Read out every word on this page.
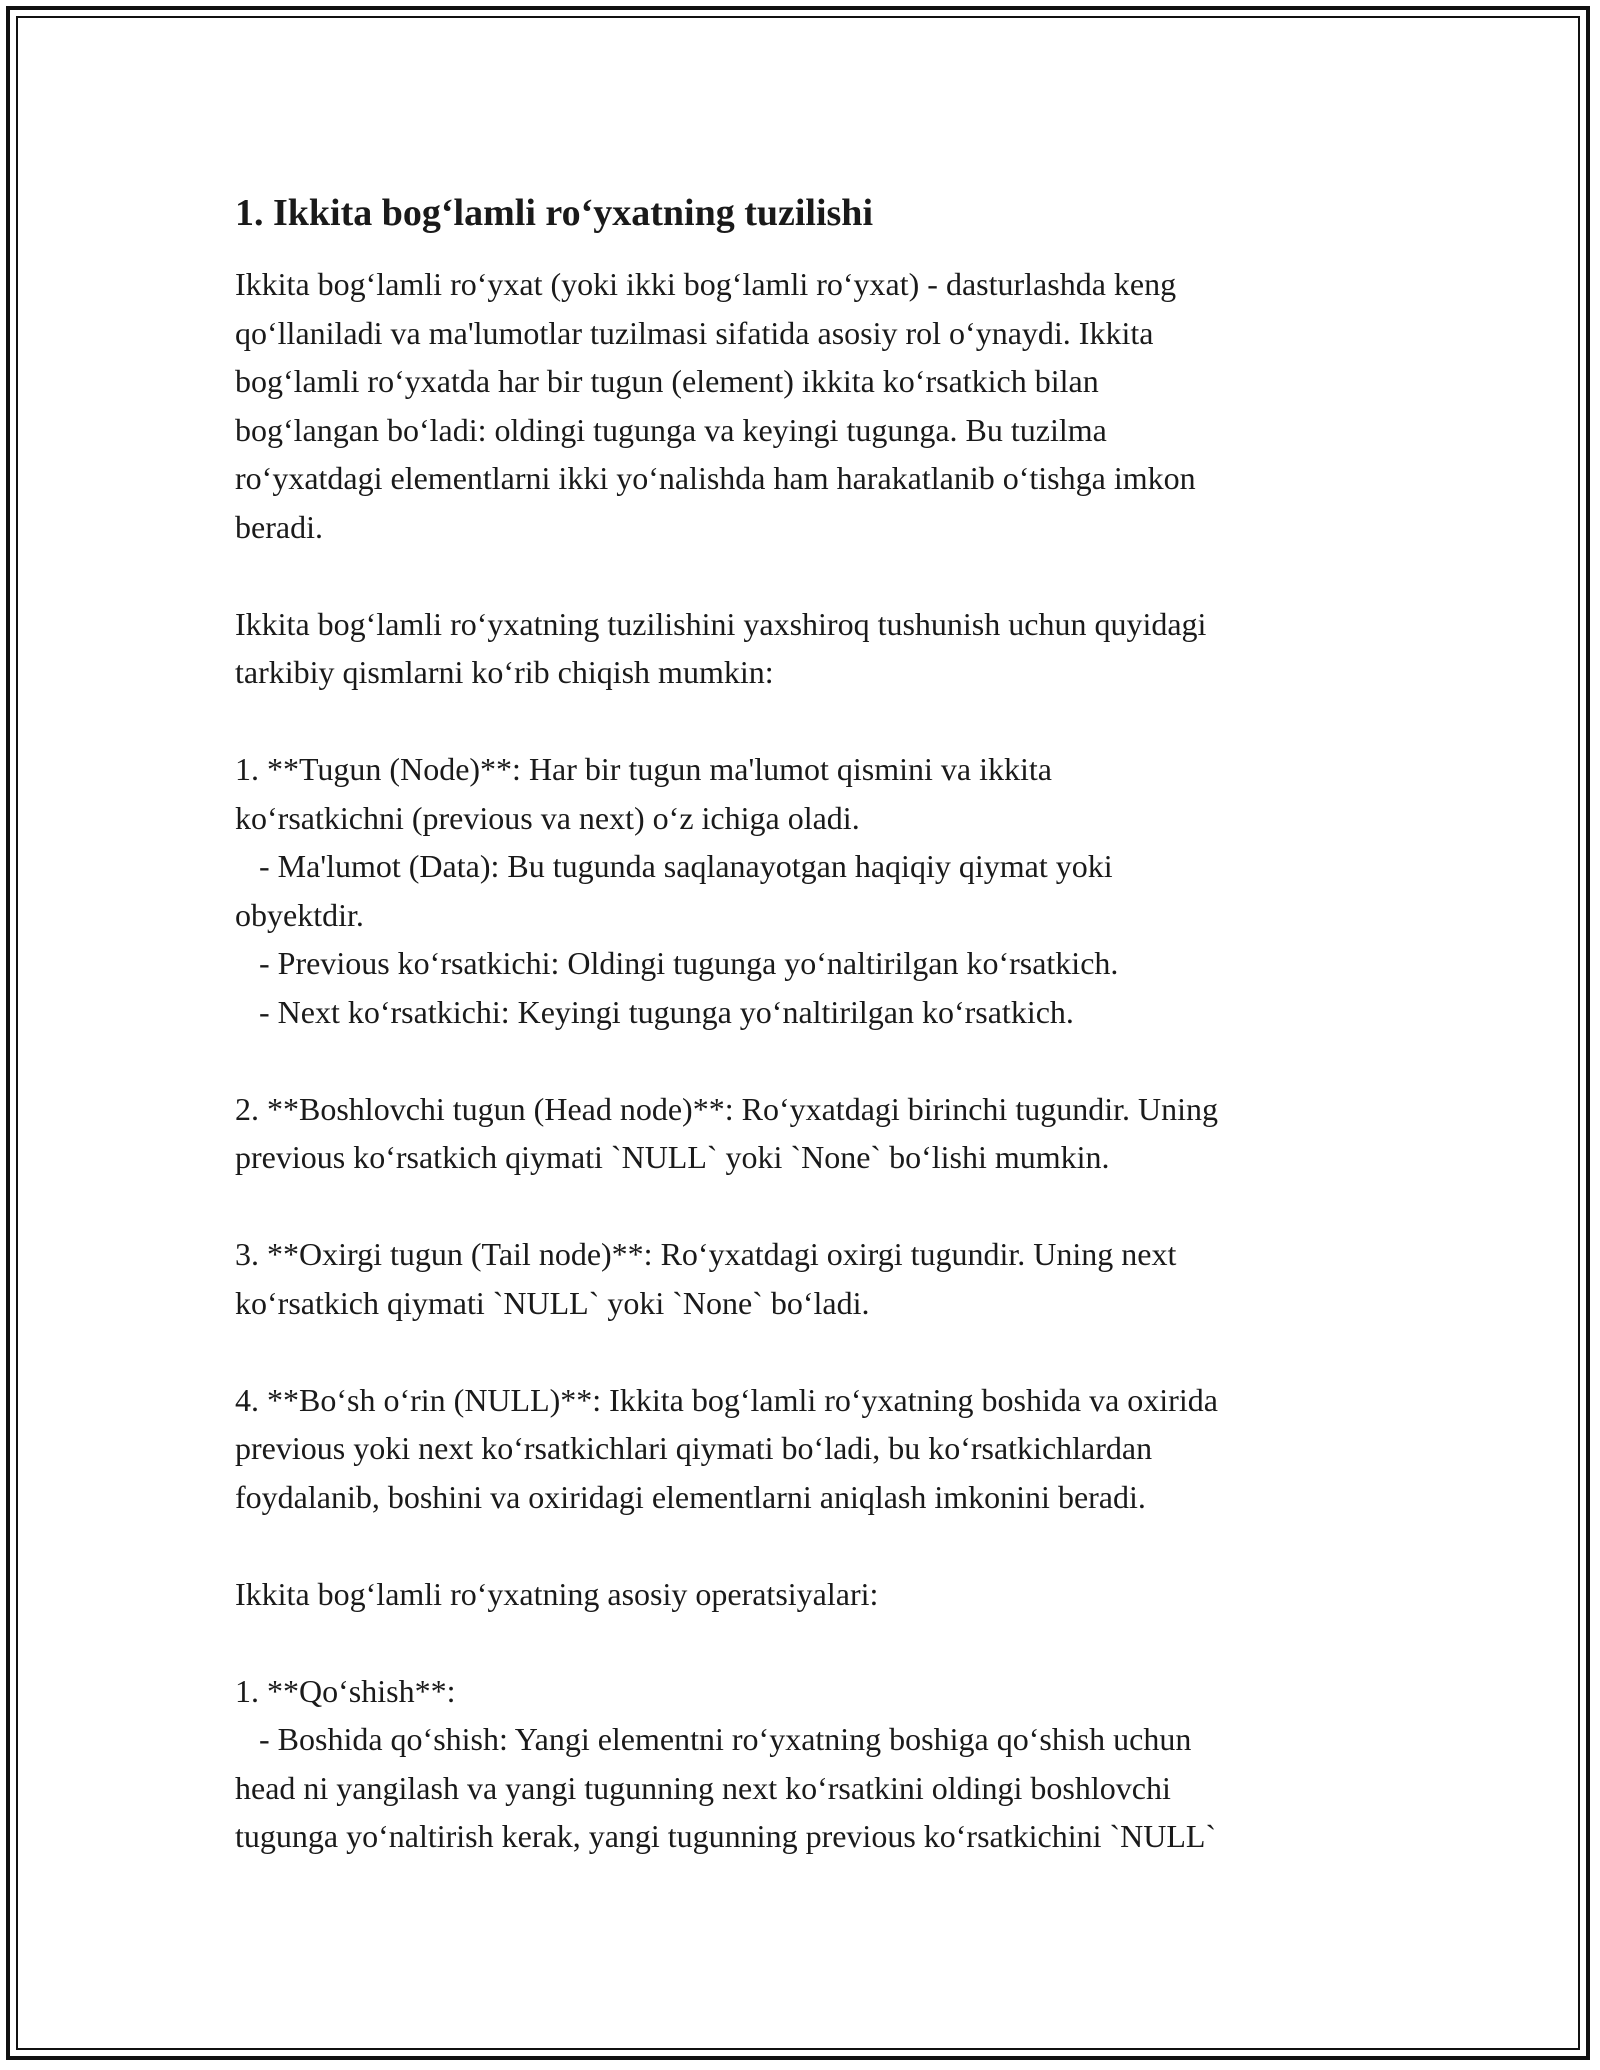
1. Ikkita bog‘lamli ro‘yxatning tuzilishi
Ikkita bog‘lamli ro‘yxat (yoki ikki bog‘lamli ro‘yxat) - dasturlashda keng
qo‘llaniladi va ma'lumotlar tuzilmasi sifatida asosiy rol o‘ynaydi. Ikkita
bog‘lamli ro‘yxatda har bir tugun (element) ikkita ko‘rsatkich bilan
bog‘langan bo‘ladi: oldingi tugunga va keyingi tugunga. Bu tuzilma
ro‘yxatdagi elementlarni ikki yo‘nalishda ham harakatlanib o‘tishga imkon
beradi.
Ikkita bog‘lamli ro‘yxatning tuzilishini yaxshiroq tushunish uchun quyidagi
tarkibiy qismlarni ko‘rib chiqish mumkin:
1. **Tugun (Node)**: Har bir tugun ma'lumot qismini va ikkita
ko‘rsatkichni (previous va next) o‘z ichiga oladi.
- Ma'lumot (Data): Bu tugunda saqlanayotgan haqiqiy qiymat yoki
obyektdir.
- Previous ko‘rsatkichi: Oldingi tugunga yo‘naltirilgan ko‘rsatkich.
- Next ko‘rsatkichi: Keyingi tugunga yo‘naltirilgan ko‘rsatkich.
2. **Boshlovchi tugun (Head node)**: Ro‘yxatdagi birinchi tugundir. Uning
previous ko‘rsatkich qiymati `NULL` yoki `None` bo‘lishi mumkin.
3. **Oxirgi tugun (Tail node)**: Ro‘yxatdagi oxirgi tugundir. Uning next
ko‘rsatkich qiymati `NULL` yoki `None` bo‘ladi.
4. **Bo‘sh o‘rin (NULL)**: Ikkita bog‘lamli ro‘yxatning boshida va oxirida
previous yoki next ko‘rsatkichlari qiymati bo‘ladi, bu ko‘rsatkichlardan
foydalanib, boshini va oxiridagi elementlarni aniqlash imkonini beradi.
Ikkita bog‘lamli ro‘yxatning asosiy operatsiyalari:
1. **Qo‘shish**:
- Boshida qo‘shish: Yangi elementni ro‘yxatning boshiga qo‘shish uchun
head ni yangilash va yangi tugunning next ko‘rsatkini oldingi boshlovchi
tugunga yo‘naltirish kerak, yangi tugunning previous ko‘rsatkichini `NULL`
